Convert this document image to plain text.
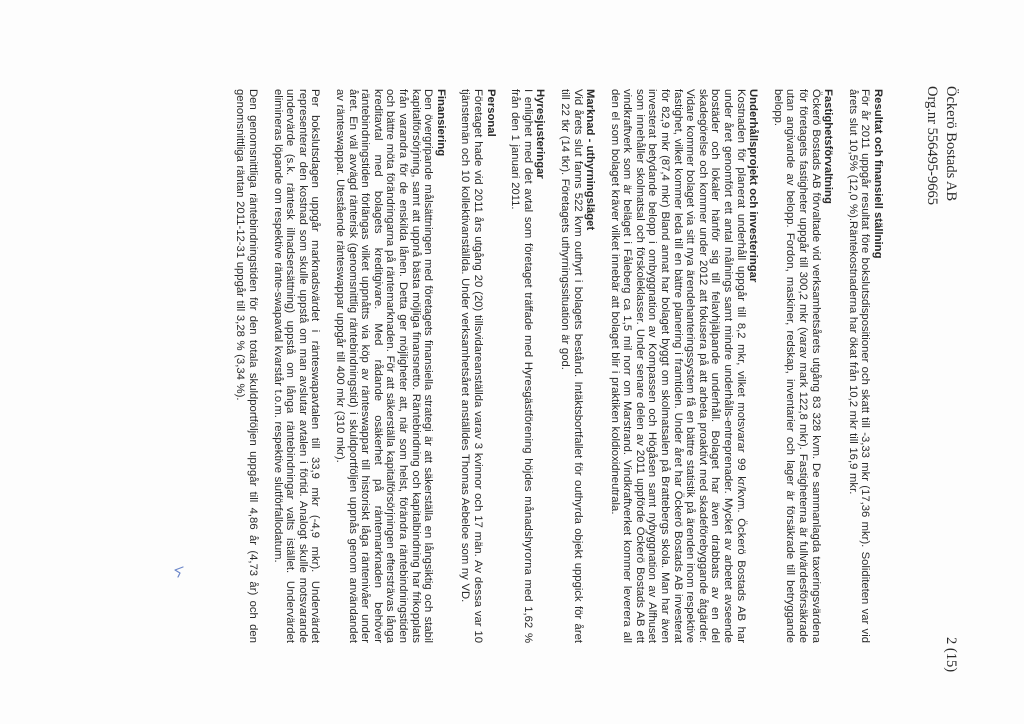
Öckerö Bostads AB
Org.nr 556495-9665
2 (15)
Resultat och finansiell ställning
För år 2011 uppgår resultat före bokslutsdispositioner och skatt till -3,33 mkr (17,36 mkr). Soliditeten var vid årets slut 10,5% (12,0 %).Räntekostnaderna har ökat från 10,2 mkr till 16,9 mkr.
Fastighetsförvaltning
Öckerö Bostads AB förvaltade vid verksamhetsårets utgång 83 328 kvm. De sammanlagda taxeringsvärdena för företagets fastigheter uppgår till 300,2 mkr (varav mark 122,8 mkr). Fastigheterna är fullvärdesförsäkrade utan angivande av belopp. Fordon, maskiner, redskap, inventarier och lager är försäkrade till betryggande belopp.
Underhållsprojekt och investeringar
Kostnaden för planerat underhåll uppgår till 8,2 mkr, vilket motsvarar 99 kr/kvm. Öckerö Bostads AB har under året genomfört ett antal målnings samt mindre underhålls-entreprenader. Mycket av arbetet avseende bostäder och lokaler hänför sig till felavhjälpande underhåll. Bolaget har även drabbats av en del skadegörelse och kommer under 2012 att fokusera på att arbeta proaktivt med skadeförebyggande åtgärder. Vidare kommer bolaget via sitt nya ärendehanteringssystem få en bättre statistik på ärenden inom respektive fastighet, vilket kommer leda till en bättre planering i framtiden. Under året har Öckerö Bostads AB investerat för 82,9 mkr (87,4 mkr) Bland annat har bolaget byggt om skolmatsalen på Brattebergs skola. Man har även investerat betydande belopp i ombyggnation av Kompassen och Högåsen samt nybyggnation av Alfhuset som innehåller skolmatsal och förskoleklasser. Under senare delen av 2011 uppförde Öckerö Bostads AB ett vindkraftverk som är beläget i Fåleberg ca 1,5 mil norr om Marstrand. Vindkraftverket kommer leverera all den el som bolaget kräver vilket innebär att bolaget blir i praktiken koldioxidneutrala.
Marknad - uthyrningsläget
Vid årets slut fanns 522 kvm outhyrt i bolagets bestånd. Intäktsbortfallet för outhyrda objekt uppgick för året till 22 tkr (14 tkr). Företagets uthyrningssituation är god.
Hyresjusteringar
I enlighet med det avtal som företaget träffade med Hyresgästförening höjdes månadshyrorna med 1,62 % från den 1 januari 2011.
Personal
Företaget hade vid 2011 års utgång 20 (20) tillsvidareanställda varav 3 kvinnor och 17 män. Av dessa var 10 tjänstemän och 10 kollektivanställda. Under verksamhetsåret anställdes Thomas Aebeloe som ny VD.
Finansiering
Den övergripande målsättningen med företagets finansiella strategi är att säkerställa en långsiktig och stabil kapitalförsörjning, samt att uppnå bästa möjliga finansnetto. Räntebindning och kapitalbindning har frikopplats från varandra för de enskilda lånen. Detta ger möjligheter att, när som helst, förändra räntebindningstiden och bättre möta förändringarna på räntemarknaden. För att säkerställa kapitalförsörjningen eftersträvas långa kreditavtal med bolagets kreditgivare. Med rådande osäkerhet på räntemarknaden behöver räntebindningstiden förlängas vilket uppnåtts via köp av ränteswappar till historiskt låga räntenivåer under året. En väl avvägd ränterisk (genomsnittlig räntebindningstid) i skuldportföljen uppnås genom användandet av ränteswappar. Utestående ränteswappar uppgår till 400 mkr (310 mkr).
Per bokslutsdagen uppgår marknadsvärdet i ränteswapavtalen till 33,9 mkr (-4,9 mkr). Undervärdet representerar den kostnad som skulle uppstå om man avslutar avtalen i förtid. Analogt skulle motsvarande undervärde (s.k. räntesk illnadsersättning) uppstå om långa räntebindningar valts istället. Undervärdet elimineras löpande om respektive ränte-swapavtal kvarstår t.o.m. respektive slutförfallodatum.
Den genomsnittliga räntebindningstiden för den totala skuldportföljen uppgår till 4,86 år (4,73 år) och den genomsnittliga räntan 2011-12-31 uppgår till 3,28 % (3,34 %).
